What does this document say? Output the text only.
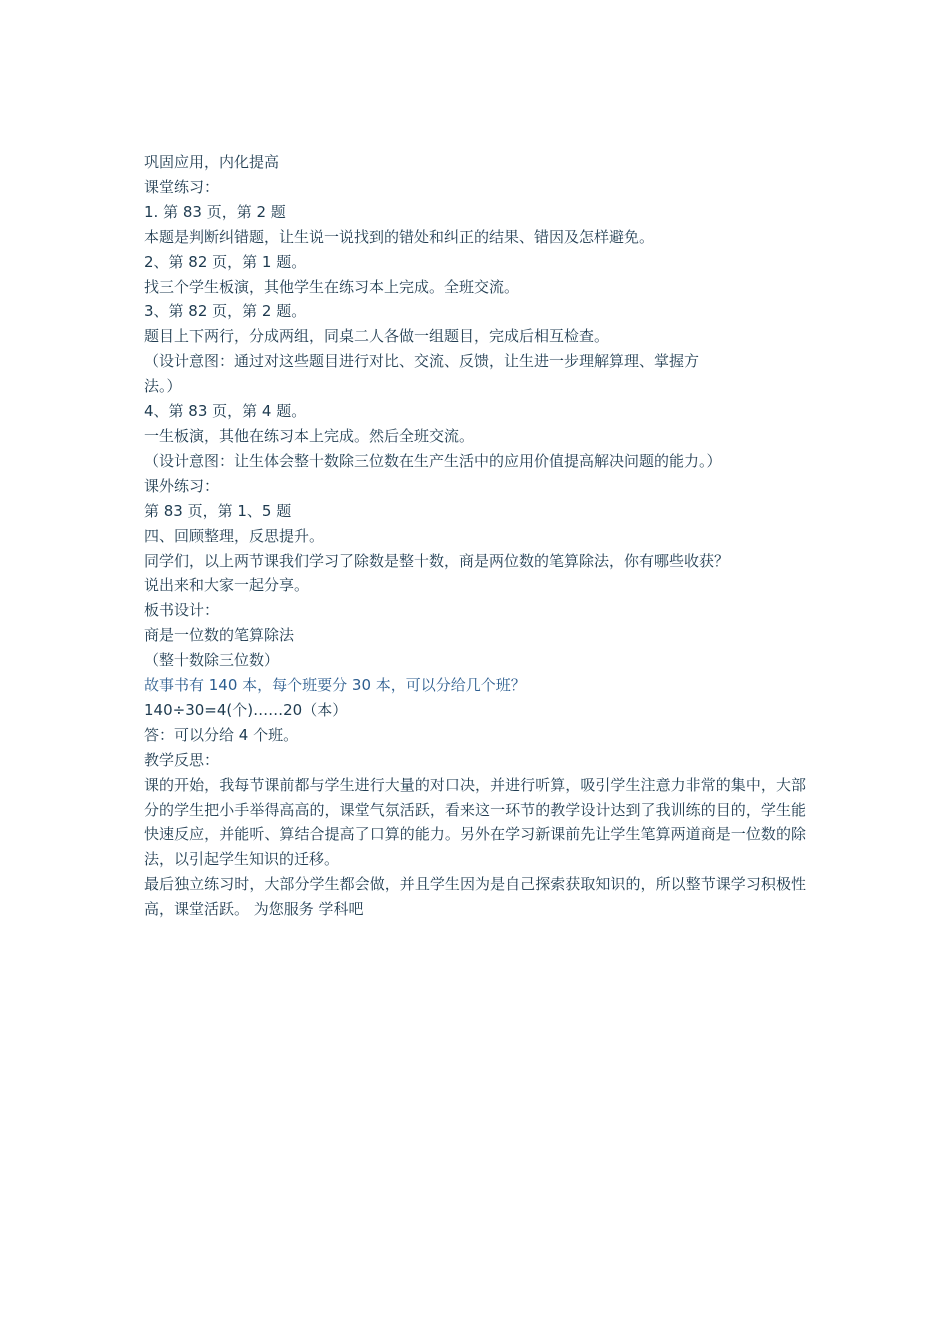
巩固应用，内化提高
课堂练习：
1. 第 83 页，第 2 题
本题是判断纠错题，让生说一说找到的错处和纠正的结果、错因及怎样避免。
2、第 82 页，第 1 题。
找三个学生板演，其他学生在练习本上完成。全班交流。
3、第 82 页，第 2 题。
题目上下两行，分成两组，同桌二人各做一组题目，完成后相互检查。
（设计意图：通过对这些题目进行对比、交流、反馈，让生进一步理解算理、掌握方
法。）
4、第 83 页，第 4 题。
一生板演，其他在练习本上完成。然后全班交流。
（设计意图：让生体会整十数除三位数在生产生活中的应用价值提高解决问题的能力。）
课外练习：
第 83 页，第 1、5 题
四、回顾整理，反思提升。
同学们，以上两节课我们学习了除数是整十数，商是两位数的笔算除法，你有哪些收获？
说出来和大家一起分享。
板书设计：
商是一位数的笔算除法
（整十数除三位数）
故事书有 140 本，每个班要分 30 本，可以分给几个班？
140÷30=4(个)……20（本）
答：可以分给 4 个班。
教学反思：

课的开始，我每节课前都与学生进行大量的对口决，并进行听算，吸引学生注意力非常的集中，大部分的学生把小手举得高高的，课堂气氛活跃，看来这一环节的教学设计达到了我训练的目的，学生能快速反应，并能听、算结合提高了口算的能力。另外在学习新课前先让学生笔算两道商是一位数的除法，以引起学生知识的迁移。

最后独立练习时，大部分学生都会做，并且学生因为是自己探索获取知识的，所以整节课学习积极性高，课堂活跃。 为您服务 学科吧
